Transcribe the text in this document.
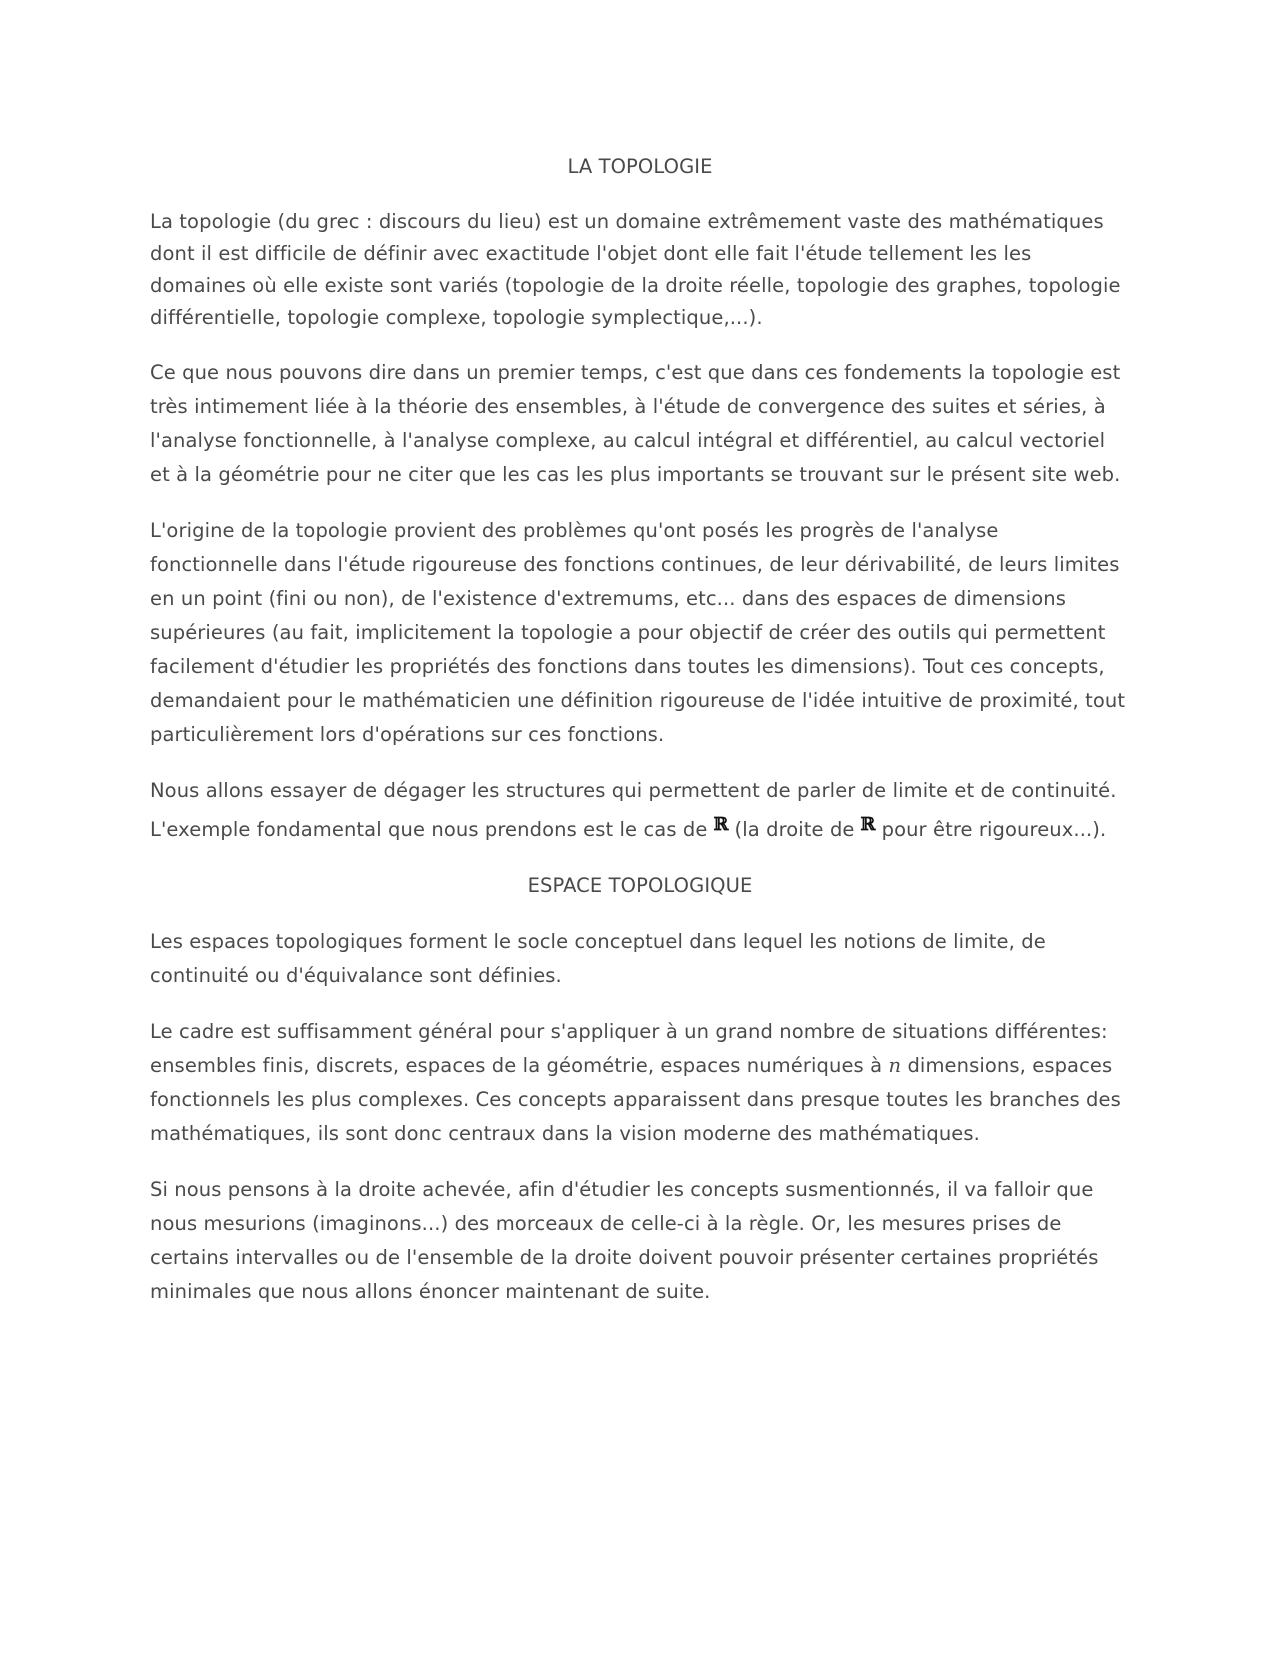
LA TOPOLOGIE

La topologie (du grec : discours du lieu) est un domaine extrêmement vaste des mathématiques dont il est difficile de définir avec exactitude l'objet dont elle fait l'étude tellement les les domaines où elle existe sont variés (topologie de la droite réelle, topologie des graphes, topologie différentielle, topologie complexe, topologie symplectique,...).

Ce que nous pouvons dire dans un premier temps, c'est que dans ces fondements la topologie est très intimement liée à la théorie des ensembles, à l'étude de convergence des suites et séries, à l'analyse fonctionnelle, à l'analyse complexe, au calcul intégral et différentiel, au calcul vectoriel et à la géométrie pour ne citer que les cas les plus importants se trouvant sur le présent site web.

L'origine de la topologie provient des problèmes qu'ont posés les progrès de l'analyse fonctionnelle dans l'étude rigoureuse des fonctions continues, de leur dérivabilité, de leurs limites en un point (fini ou non), de l'existence d'extremums, etc... dans des espaces de dimensions supérieures (au fait, implicitement la topologie a pour objectif de créer des outils qui permettent facilement d'étudier les propriétés des fonctions dans toutes les dimensions). Tout ces concepts, demandaient pour le mathématicien une définition rigoureuse de l'idée intuitive de proximité, tout particulièrement lors d'opérations sur ces fonctions.

Nous allons essayer de dégager les structures qui permettent de parler de limite et de continuité. L'exemple fondamental que nous prendons est le cas de ℝ (la droite de ℝ pour être rigoureux...).

ESPACE TOPOLOGIQUE

Les espaces topologiques forment le socle conceptuel dans lequel les notions de limite, de continuité ou d'équivalance sont définies.

Le cadre est suffisamment général pour s'appliquer à un grand nombre de situations différentes: ensembles finis, discrets, espaces de la géométrie, espaces numériques à n dimensions, espaces fonctionnels les plus complexes. Ces concepts apparaissent dans presque toutes les branches des mathématiques, ils sont donc centraux dans la vision moderne des mathématiques.

Si nous pensons à la droite achevée, afin d'étudier les concepts susmentionnés, il va falloir que nous mesurions (imaginons...) des morceaux de celle-ci à la règle. Or, les mesures prises de certains intervalles ou de l'ensemble de la droite doivent pouvoir présenter certaines propriétés minimales que nous allons énoncer maintenant de suite.
